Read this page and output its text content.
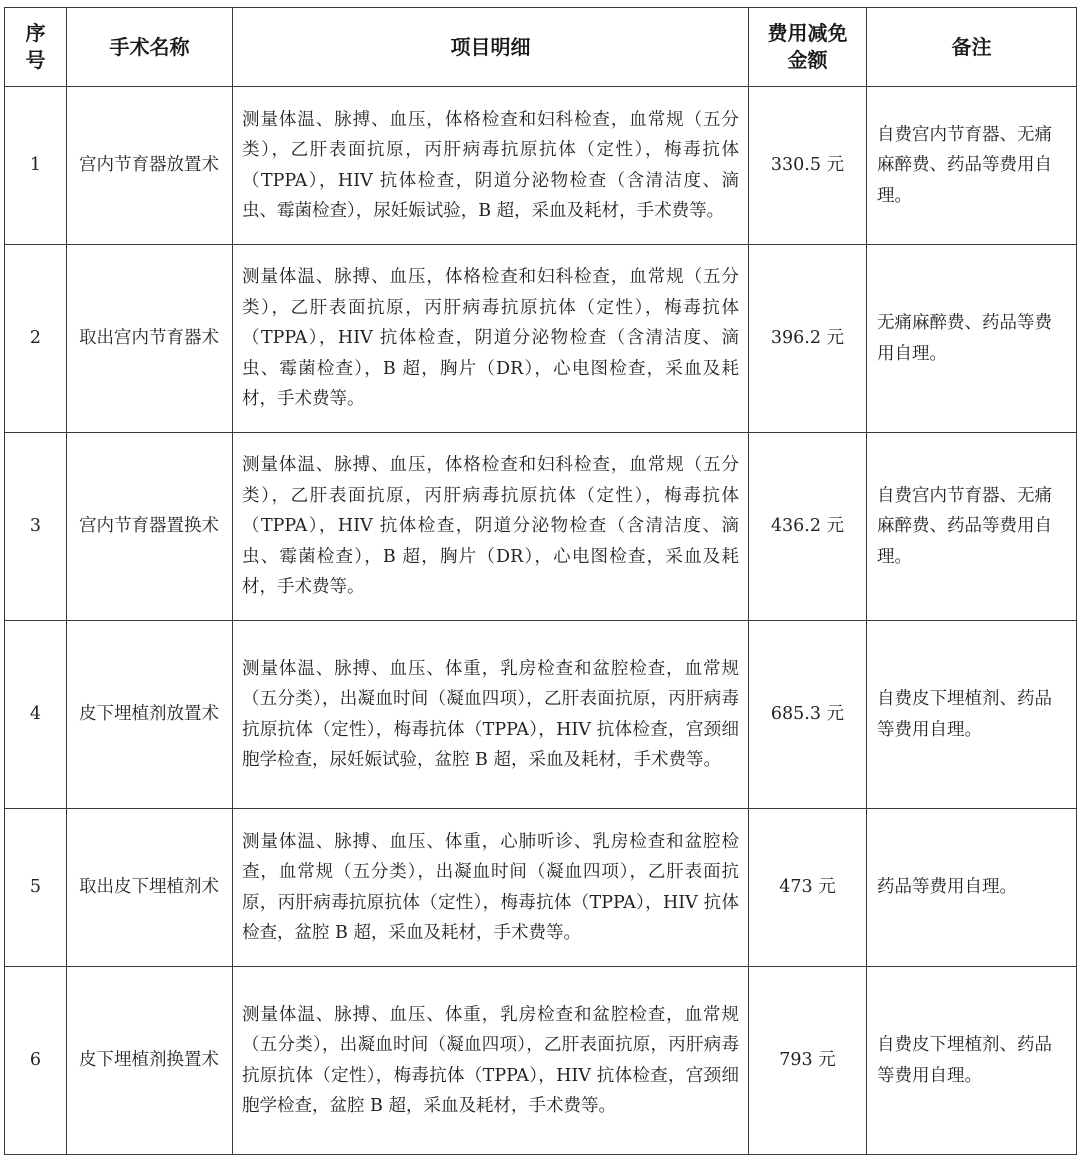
序号	手术名称	项目明细	费用减免金额	备注
1	宫内节育器放置术	测量体温、脉搏、血压，体格检查和妇科检查，血常规（五分类），乙肝表面抗原，丙肝病毒抗原抗体（定性），梅毒抗体（TPPA），HIV 抗体检查，阴道分泌物检查（含清洁度、滴虫、霉菌检查），尿妊娠试验，B 超，采血及耗材，手术费等。	330.5 元	自费宫内节育器、无痛麻醉费、药品等费用自理。
2	取出宫内节育器术	测量体温、脉搏、血压，体格检查和妇科检查，血常规（五分类），乙肝表面抗原，丙肝病毒抗原抗体（定性），梅毒抗体（TPPA），HIV 抗体检查，阴道分泌物检查（含清洁度、滴虫、霉菌检查），B 超，胸片（DR），心电图检查，采血及耗材，手术费等。	396.2 元	无痛麻醉费、药品等费用自理。
3	宫内节育器置换术	测量体温、脉搏、血压，体格检查和妇科检查，血常规（五分类），乙肝表面抗原，丙肝病毒抗原抗体（定性），梅毒抗体（TPPA），HIV 抗体检查，阴道分泌物检查（含清洁度、滴虫、霉菌检查），B 超，胸片（DR），心电图检查，采血及耗材，手术费等。	436.2 元	自费宫内节育器、无痛麻醉费、药品等费用自理。
4	皮下埋植剂放置术	测量体温、脉搏、血压、体重，乳房检查和盆腔检查，血常规（五分类），出凝血时间（凝血四项），乙肝表面抗原，丙肝病毒抗原抗体（定性），梅毒抗体（TPPA），HIV 抗体检查，宫颈细胞学检查，尿妊娠试验，盆腔 B 超，采血及耗材，手术费等。	685.3 元	自费皮下埋植剂、药品等费用自理。
5	取出皮下埋植剂术	测量体温、脉搏、血压、体重，心肺听诊、乳房检查和盆腔检查，血常规（五分类），出凝血时间（凝血四项），乙肝表面抗原，丙肝病毒抗原抗体（定性），梅毒抗体（TPPA），HIV 抗体检查，盆腔 B 超，采血及耗材，手术费等。	473 元	药品等费用自理。
6	皮下埋植剂换置术	测量体温、脉搏、血压、体重，乳房检查和盆腔检查，血常规（五分类），出凝血时间（凝血四项），乙肝表面抗原，丙肝病毒抗原抗体（定性），梅毒抗体（TPPA），HIV 抗体检查，宫颈细胞学检查，盆腔 B 超，采血及耗材，手术费等。	793 元	自费皮下埋植剂、药品等费用自理。
